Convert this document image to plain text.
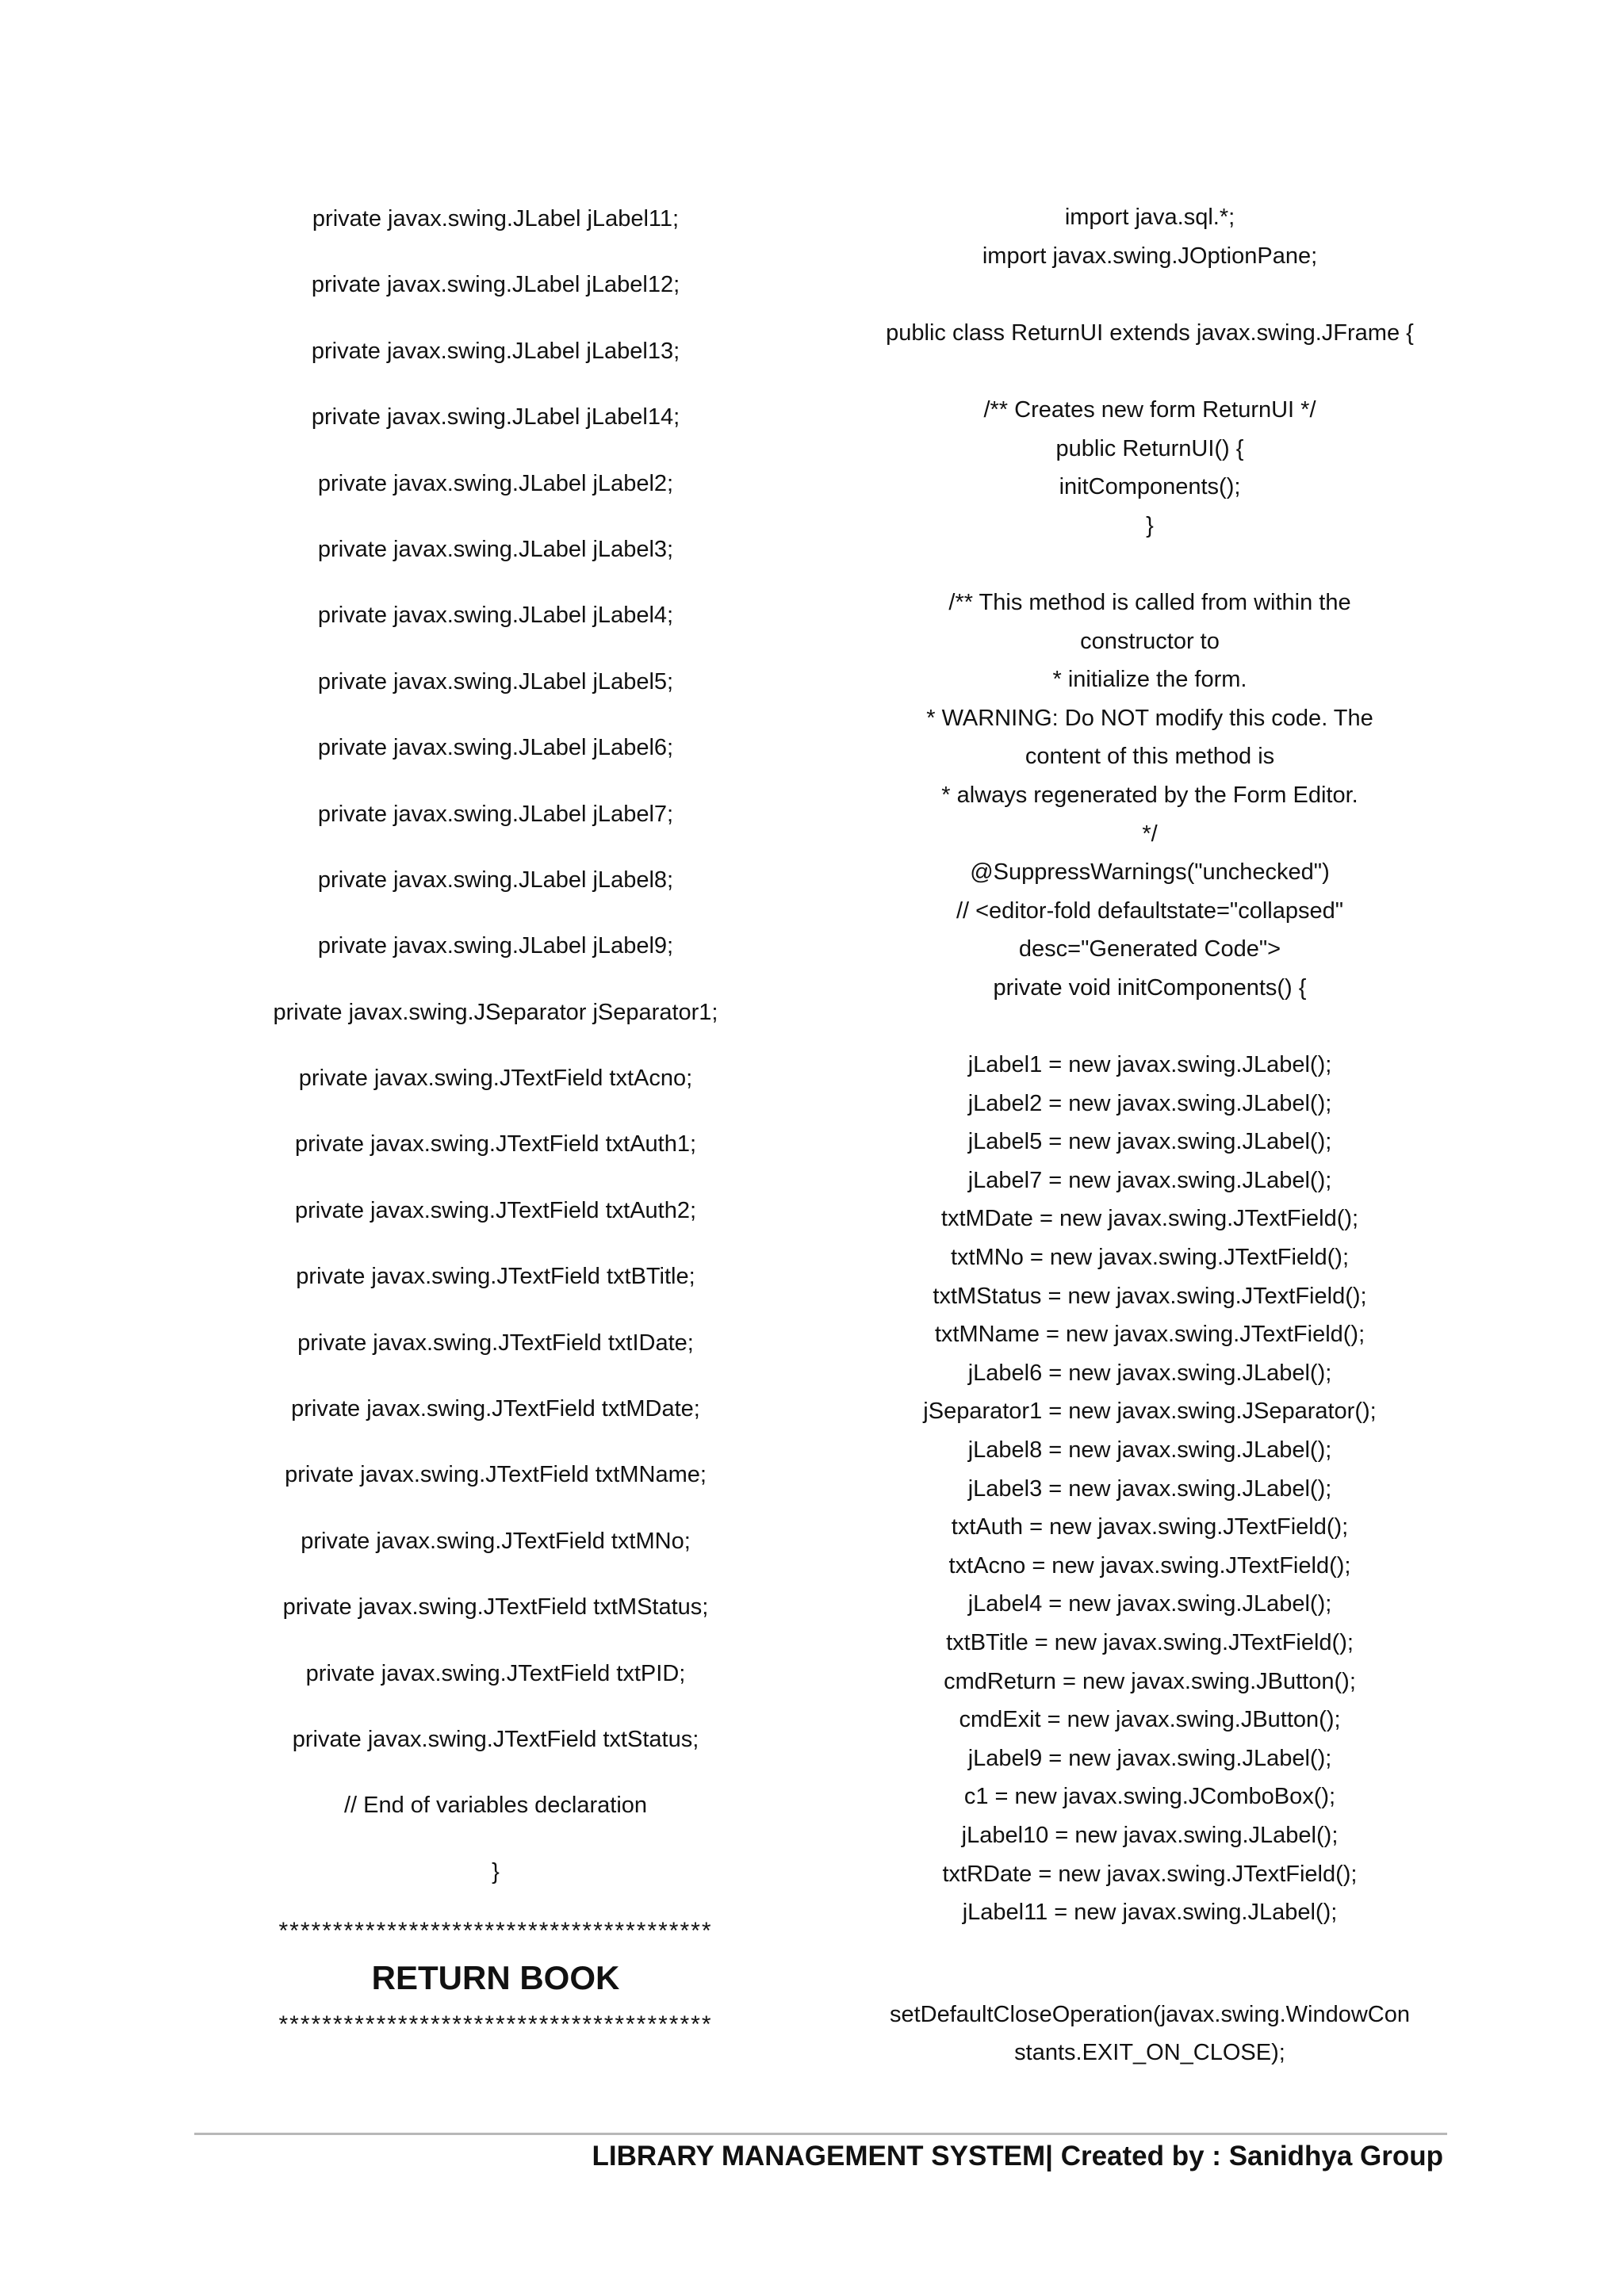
private javax.swing.JLabel jLabel11;
private javax.swing.JLabel jLabel12;
private javax.swing.JLabel jLabel13;
private javax.swing.JLabel jLabel14;
private javax.swing.JLabel jLabel2;
private javax.swing.JLabel jLabel3;
private javax.swing.JLabel jLabel4;
private javax.swing.JLabel jLabel5;
private javax.swing.JLabel jLabel6;
private javax.swing.JLabel jLabel7;
private javax.swing.JLabel jLabel8;
private javax.swing.JLabel jLabel9;
private javax.swing.JSeparator jSeparator1;
private javax.swing.JTextField txtAcno;
private javax.swing.JTextField txtAuth1;
private javax.swing.JTextField txtAuth2;
private javax.swing.JTextField txtBTitle;
private javax.swing.JTextField txtIDate;
private javax.swing.JTextField txtMDate;
private javax.swing.JTextField txtMName;
private javax.swing.JTextField txtMNo;
private javax.swing.JTextField txtMStatus;
private javax.swing.JTextField txtPID;
private javax.swing.JTextField txtStatus;
// End of variables declaration
}
****************************************
RETURN BOOK
****************************************
import java.sql.*;
import javax.swing.JOptionPane;
public class ReturnUI extends javax.swing.JFrame {
/** Creates new form ReturnUI */
public ReturnUI() {
initComponents();
}
/** This method is called from within the
constructor to
* initialize the form.
* WARNING: Do NOT modify this code. The
content of this method is
* always regenerated by the Form Editor.
*/
@SuppressWarnings("unchecked")
// <editor-fold defaultstate="collapsed"
desc="Generated Code">
private void initComponents() {
jLabel1 = new javax.swing.JLabel();
jLabel2 = new javax.swing.JLabel();
jLabel5 = new javax.swing.JLabel();
jLabel7 = new javax.swing.JLabel();
txtMDate = new javax.swing.JTextField();
txtMNo = new javax.swing.JTextField();
txtMStatus = new javax.swing.JTextField();
txtMName = new javax.swing.JTextField();
jLabel6 = new javax.swing.JLabel();
jSeparator1 = new javax.swing.JSeparator();
jLabel8 = new javax.swing.JLabel();
jLabel3 = new javax.swing.JLabel();
txtAuth = new javax.swing.JTextField();
txtAcno = new javax.swing.JTextField();
jLabel4 = new javax.swing.JLabel();
txtBTitle = new javax.swing.JTextField();
cmdReturn = new javax.swing.JButton();
cmdExit = new javax.swing.JButton();
jLabel9 = new javax.swing.JLabel();
c1 = new javax.swing.JComboBox();
jLabel10 = new javax.swing.JLabel();
txtRDate = new javax.swing.JTextField();
jLabel11 = new javax.swing.JLabel();
setDefaultCloseOperation(javax.swing.WindowCon
stants.EXIT_ON_CLOSE);
LIBRARY MANAGEMENT SYSTEM| Created by : Sanidhya Group
